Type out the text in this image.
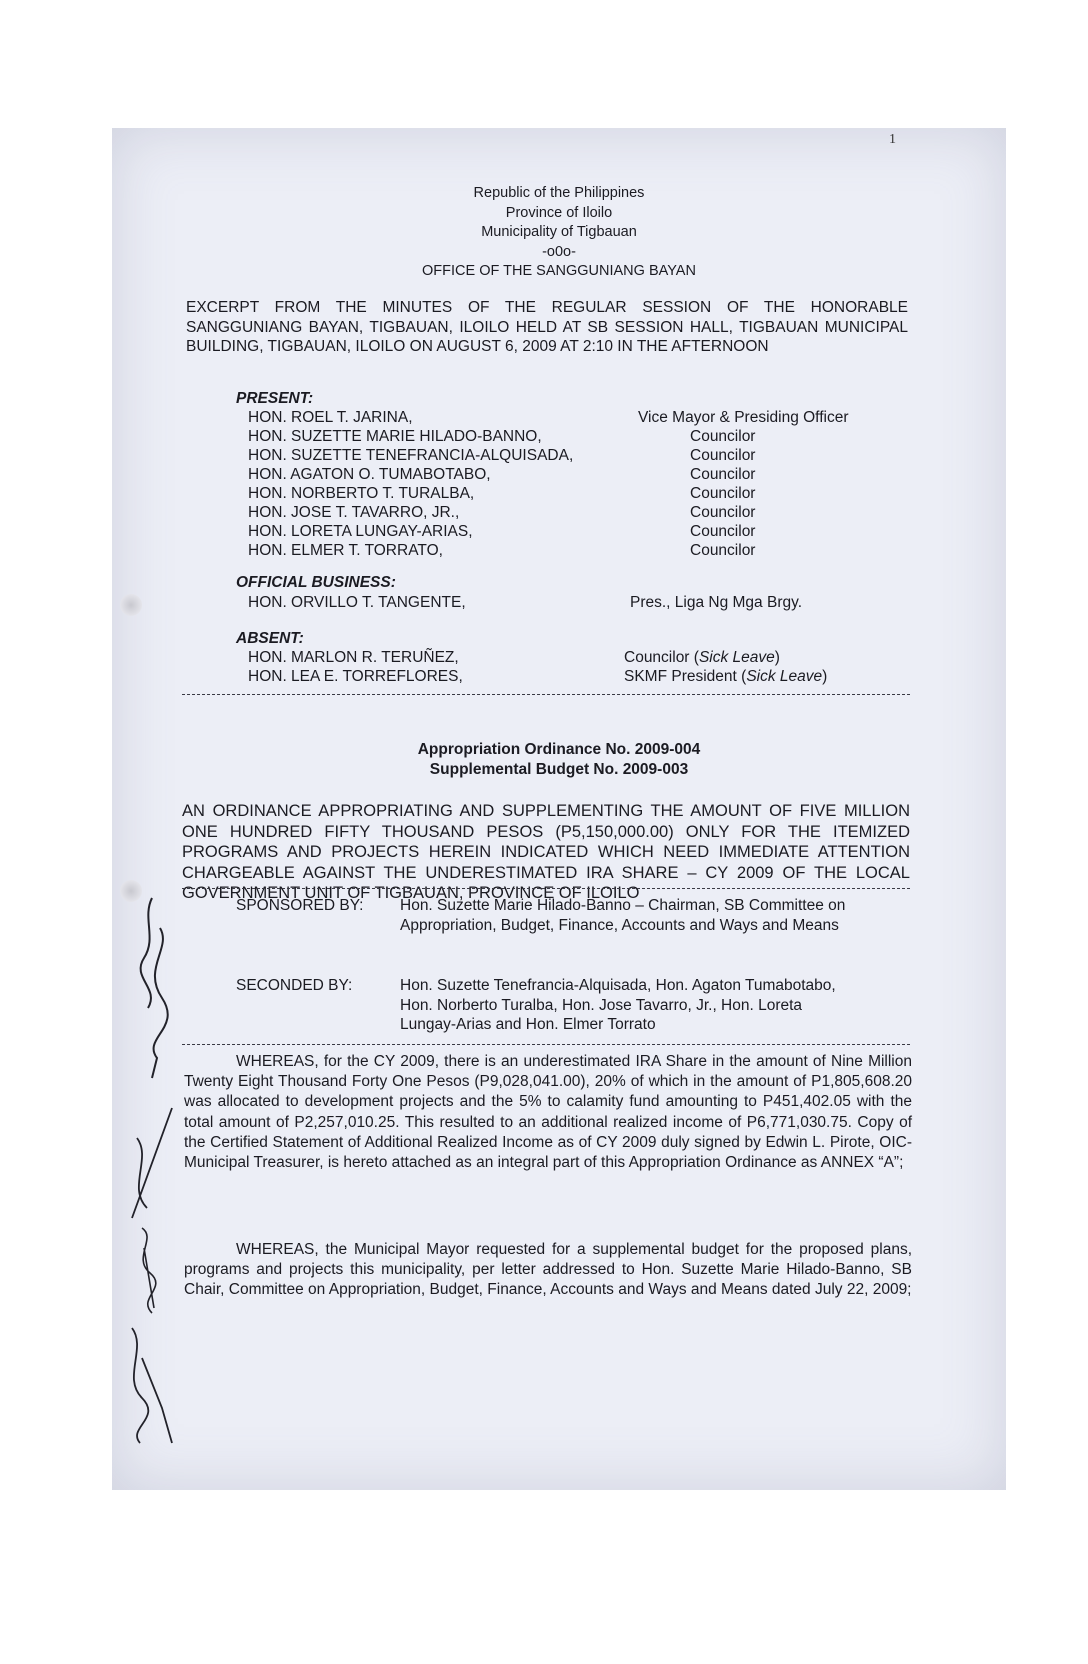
1
Republic of the Philippines
Province of Iloilo
Municipality of Tigbauan
-o0o-
OFFICE OF THE SANGGUNIANG BAYAN
EXCERPT FROM THE MINUTES OF THE REGULAR SESSION OF THE HONORABLE SANGGUNIANG BAYAN, TIGBAUAN, ILOILO HELD AT SB SESSION HALL, TIGBAUAN MUNICIPAL BUILDING, TIGBAUAN, ILOILO ON AUGUST 6, 2009 AT 2:10 IN THE AFTERNOON
PRESENT:
HON. ROEL T. JARINA,	Vice Mayor & Presiding Officer
HON. SUZETTE MARIE HILADO-BANNO,	Councilor
HON. SUZETTE TENEFRANCIA-ALQUISADA,	Councilor
HON. AGATON O. TUMABOTABO,	Councilor
HON. NORBERTO T. TURALBA,	Councilor
HON. JOSE T. TAVARRO, JR.,	Councilor
HON. LORETA LUNGAY-ARIAS,	Councilor
HON. ELMER T. TORRATO,	Councilor
OFFICIAL BUSINESS:
HON. ORVILLO T. TANGENTE,	Pres., Liga Ng Mga Brgy.
ABSENT:
HON. MARLON R. TERUÑEZ,	Councilor (Sick Leave)
HON. LEA E. TORREFLORES,	SKMF President (Sick Leave)
Appropriation Ordinance No. 2009-004
Supplemental Budget No. 2009-003
AN ORDINANCE APPROPRIATING AND SUPPLEMENTING THE AMOUNT OF FIVE MILLION ONE HUNDRED FIFTY THOUSAND PESOS (P5,150,000.00) ONLY FOR THE ITEMIZED PROGRAMS AND PROJECTS HEREIN INDICATED WHICH NEED IMMEDIATE ATTENTION CHARGEABLE AGAINST THE UNDERESTIMATED IRA SHARE – CY 2009 OF THE LOCAL GOVERNMENT UNIT OF TIGBAUAN, PROVINCE OF ILOILO
SPONSORED BY: Hon. Suzette Marie Hilado-Banno – Chairman, SB Committee on Appropriation, Budget, Finance, Accounts and Ways and Means
SECONDED BY:	Hon. Suzette Tenefrancia-Alquisada, Hon. Agaton Tumabotabo, Hon. Norberto Turalba, Hon. Jose Tavarro, Jr., Hon. Loreta Lungay-Arias and Hon. Elmer Torrato
WHEREAS, for the CY 2009, there is an underestimated IRA Share in the amount of Nine Million Twenty Eight Thousand Forty One Pesos (P9,028,041.00), 20% of which in the amount of P1,805,608.20 was allocated to development projects and the 5% to calamity fund amounting to P451,402.05 with the total amount of P2,257,010.25. This resulted to an additional realized income of P6,771,030.75. Copy of the Certified Statement of Additional Realized Income as of CY 2009 duly signed by Edwin L. Pirote, OIC-Municipal Treasurer, is hereto attached as an integral part of this Appropriation Ordinance as ANNEX “A”;
WHEREAS, the Municipal Mayor requested for a supplemental budget for the proposed plans, programs and projects this municipality, per letter addressed to Hon. Suzette Marie Hilado-Banno, SB Chair, Committee on Appropriation, Budget, Finance, Accounts and Ways and Means dated July 22, 2009;
